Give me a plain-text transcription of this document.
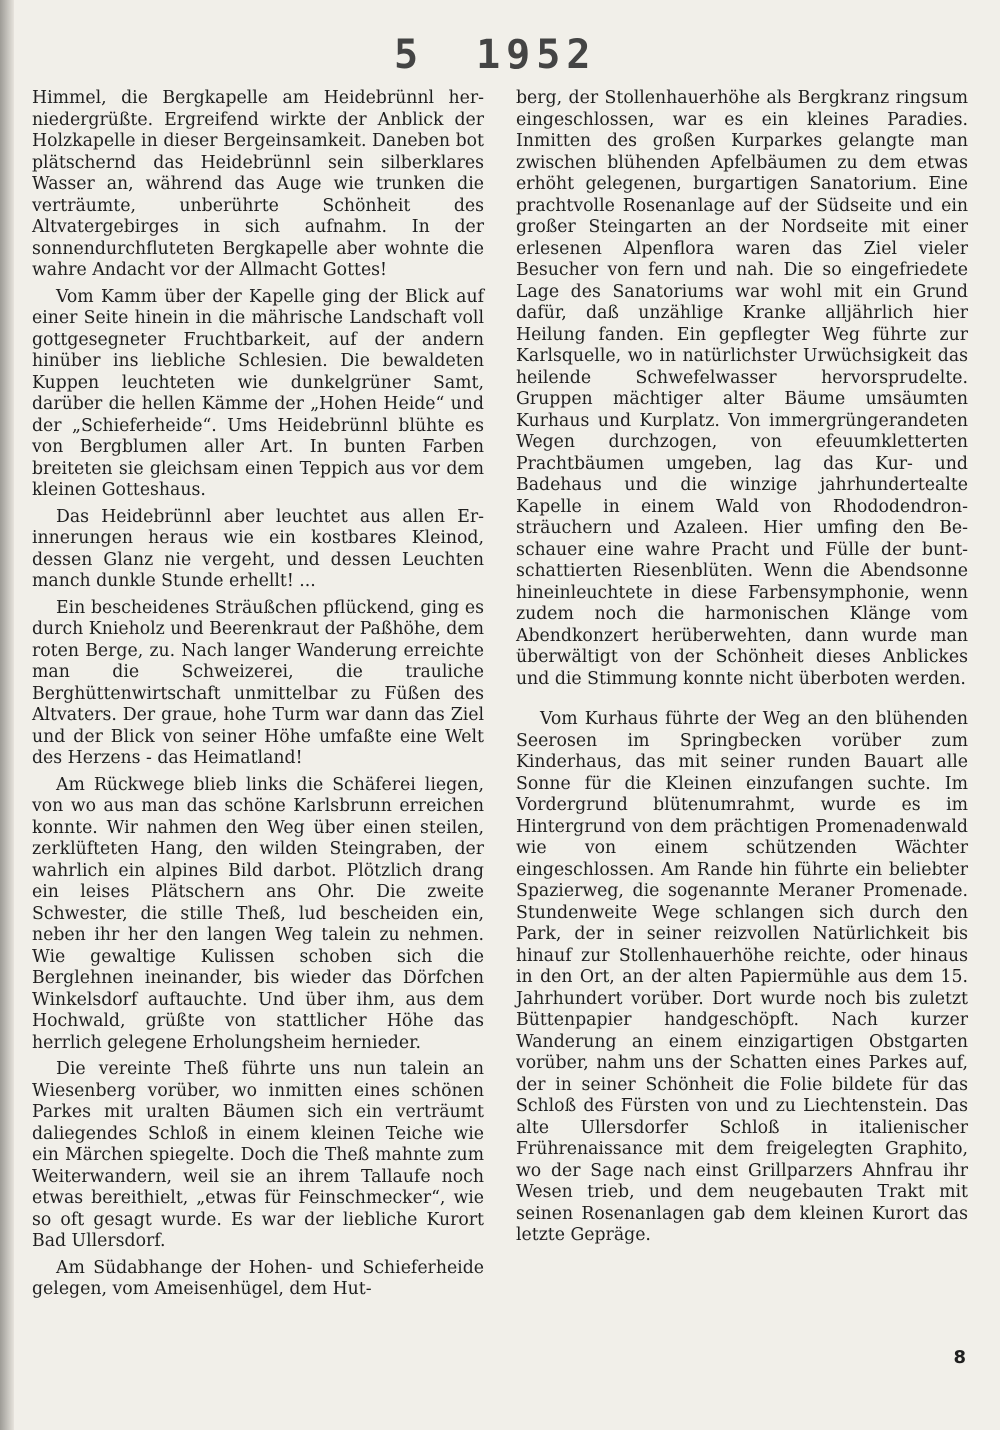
5 1952

Himmel, die Bergkapelle am Heidebrünnl herniedergrüßte. Ergreifend wirkte der Anblick der Holzkapelle in dieser Bergeinsamkeit. Daneben bot plätschernd das Heidebrünnl sein silberklares Wasser an, während das Auge wie trunken die verträumte, unberührte Schönheit des Altvatergebirges in sich aufnahm. In der sonnendurchfluteten Bergkapelle aber wohnte die wahre Andacht vor der Allmacht Gottes!

Vom Kamm über der Kapelle ging der Blick auf einer Seite hinein in die mährische Landschaft voll gottgesegneter Fruchtbarkeit, auf der andern hinüber ins liebliche Schlesien. Die bewaldeten Kuppen leuchteten wie dunkelgrüner Samt, darüber die hellen Kämme der „Hohen Heide“ und der „Schieferheide“. Ums Heidebrünnl blühte es von Bergblumen aller Art. In bunten Farben breiteten sie gleichsam einen Teppich aus vor dem kleinen Gotteshaus.

Das Heidebrünnl aber leuchtet aus allen Erinnerungen heraus wie ein kostbares Kleinod, dessen Glanz nie vergeht, und dessen Leuchten manch dunkle Stunde erhellt! ...

Ein bescheidenes Sträußchen pflückend, ging es durch Knieholz und Beerenkraut der Paßhöhe, dem roten Berge, zu. Nach langer Wanderung erreichte man die Schweizerei, die trauliche Berghüttenwirtschaft unmittelbar zu Füßen des Altvaters. Der graue, hohe Turm war dann das Ziel und der Blick von seiner Höhe umfaßte eine Welt des Herzens - das Heimatland!

Am Rückwege blieb links die Schäferei liegen, von wo aus man das schöne Karlsbrunn erreichen konnte. Wir nahmen den Weg über einen steilen, zerklüfteten Hang, den wilden Steingraben, der wahrlich ein alpines Bild darbot. Plötzlich drang ein leises Plätschern ans Ohr. Die zweite Schwester, die stille Theß, lud bescheiden ein, neben ihr her den langen Weg talein zu nehmen. Wie gewaltige Kulissen schoben sich die Berglehnen ineinander, bis wieder das Dörfchen Winkelsdorf auftauchte. Und über ihm, aus dem Hochwald, grüßte von stattlicher Höhe das herrlich gelegene Erholungsheim hernieder.

Die vereinte Theß führte uns nun talein an Wiesenberg vorüber, wo inmitten eines schönen Parkes mit uralten Bäumen sich ein verträumt daliegendes Schloß in einem kleinen Teiche wie ein Märchen spiegelte. Doch die Theß mahnte zum Weiterwandern, weil sie an ihrem Tallaufe noch etwas bereithielt, „etwas für Feinschmecker“, wie so oft gesagt wurde. Es war der liebliche Kurort Bad Ullersdorf.

Am Südabhange der Hohen- und Schieferheide gelegen, vom Ameisenhügel, dem Hut-

berg, der Stollenhauerhöhe als Bergkranz ringsum eingeschlossen, war es ein kleines Paradies. Inmitten des großen Kurparkes gelangte man zwischen blühenden Apfelbäumen zu dem etwas erhöht gelegenen, burgartigen Sanatorium. Eine prachtvolle Rosenanlage auf der Südseite und ein großer Steingarten an der Nordseite mit einer erlesenen Alpenflora waren das Ziel vieler Besucher von fern und nah. Die so eingefriedete Lage des Sanatoriums war wohl mit ein Grund dafür, daß unzählige Kranke alljährlich hier Heilung fanden. Ein gepflegter Weg führte zur Karlsquelle, wo in natürlichster Urwüchsigkeit das heilende Schwefelwasser hervorsprudelte. Gruppen mächtiger alter Bäume umsäumten Kurhaus und Kurplatz. Von immergrüngerandeten Wegen durchzogen, von efeuumkletterten Prachtbäumen umgeben, lag das Kur- und Badehaus und die winzige jahrhundertealte Kapelle in einem Wald von Rhododendronsträuchern und Azaleen. Hier umfing den Beschauer eine wahre Pracht und Fülle der buntschattierten Riesenblüten. Wenn die Abendsonne hineinleuchtete in diese Farbensymphonie, wenn zudem noch die harmonischen Klänge vom Abendkonzert herüberwehten, dann wurde man überwältigt von der Schönheit dieses Anblickes und die Stimmung konnte nicht überboten werden.

Vom Kurhaus führte der Weg an den blühenden Seerosen im Springbecken vorüber zum Kinderhaus, das mit seiner runden Bauart alle Sonne für die Kleinen einzufangen suchte. Im Vordergrund blütenumrahmt, wurde es im Hintergrund von dem prächtigen Promenadenwald wie von einem schützenden Wächter eingeschlossen. Am Rande hin führte ein beliebter Spazierweg, die sogenannte Meraner Promenade. Stundenweite Wege schlangen sich durch den Park, der in seiner reizvollen Natürlichkeit bis hinauf zur Stollenhauerhöhe reichte, oder hinaus in den Ort, an der alten Papiermühle aus dem 15. Jahrhundert vorüber. Dort wurde noch bis zuletzt Büttenpapier handgeschöpft. Nach kurzer Wanderung an einem einzigartigen Obstgarten vorüber, nahm uns der Schatten eines Parkes auf, der in seiner Schönheit die Folie bildete für das Schloß des Fürsten von und zu Liechtenstein. Das alte Ullersdorfer Schloß in italienischer Frührenaissance mit dem freigelegten Graphito, wo der Sage nach einst Grillparzers Ahnfrau ihr Wesen trieb, und dem neugebauten Trakt mit seinen Rosenanlagen gab dem kleinen Kurort das letzte Gepräge.

8
